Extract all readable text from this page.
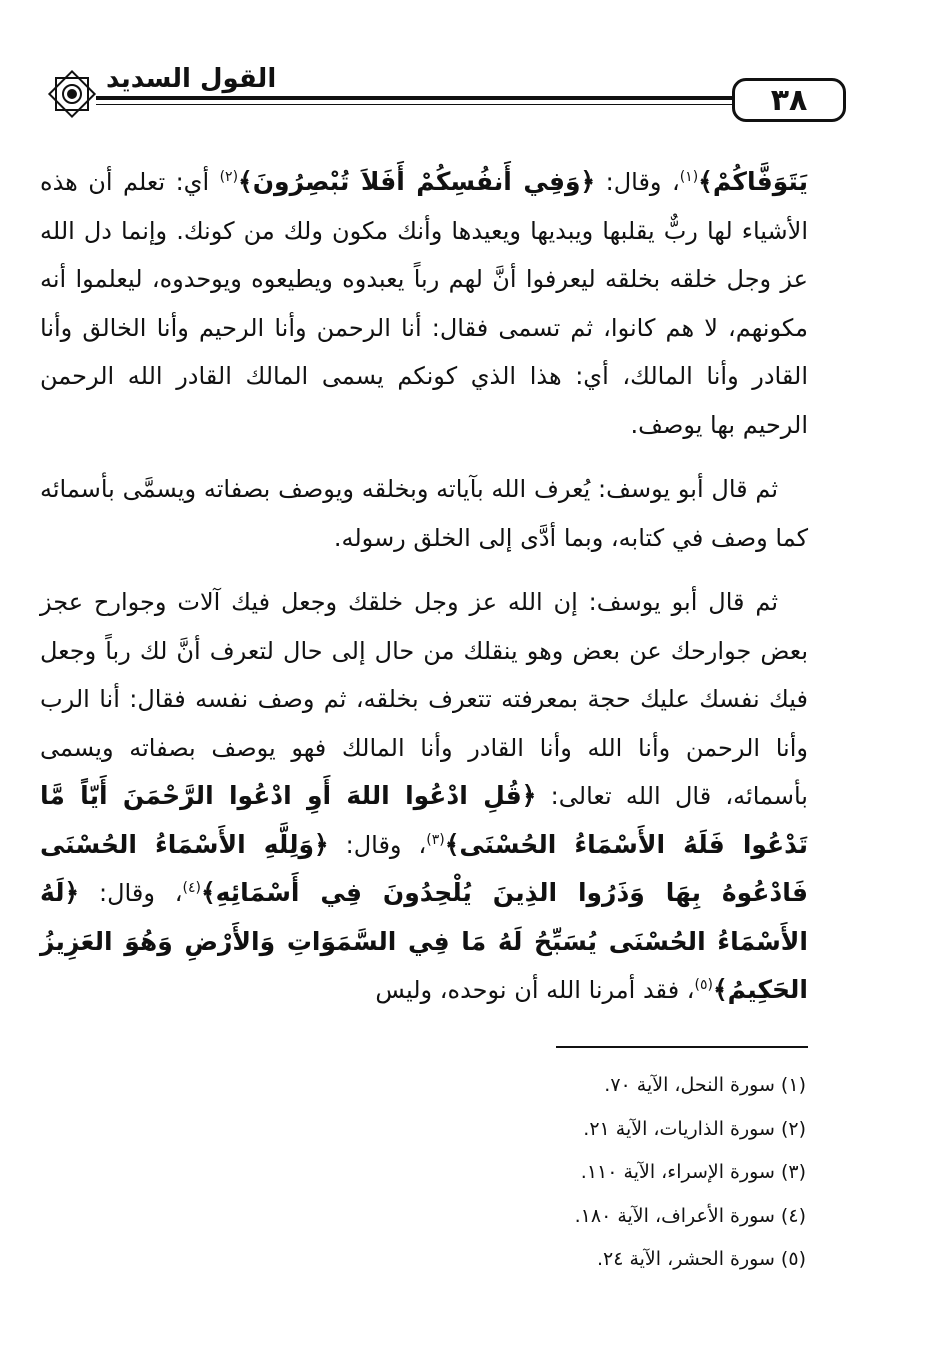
٣٨
القول السديد

يَتَوَفَّاكُمْ﴾$^{(١)}$، وقال: ﴿وَفِي أَنفُسِكُمْ أَفَلاَ تُبْصِرُونَ﴾$^{(٢)}$ أي: تعلم أن هذه الأشياء لها ربٌّ يقلبها ويبديها ويعيدها وأنك مكون ولك من كونك. وإنما دل الله عز وجل خلقه بخلقه ليعرفوا أنَّ لهم رباً يعبدوه ويطيعوه ويوحدوه، ليعلموا أنه مكونهم، لا هم كانوا، ثم تسمى فقال: أنا الرحمن وأنا الرحيم وأنا الخالق وأنا القادر وأنا المالك، أي: هذا الذي كونكم يسمى المالك القادر الله الرحمن الرحيم بها يوصف.

ثم قال أبو يوسف: يُعرف الله بآياته وبخلقه ويوصف بصفاته ويسمَّى بأسمائه كما وصف في كتابه، وبما أدَّى إلى الخلق رسوله.

ثم قال أبو يوسف: إن الله عز وجل خلقك وجعل فيك آلات وجوارح عجز بعض جوارحك عن بعض وهو ينقلك من حال إلى حال لتعرف أنَّ لك رباً وجعل فيك نفسك عليك حجة بمعرفته تتعرف بخلقه، ثم وصف نفسه فقال: أنا الرب وأنا الرحمن وأنا الله وأنا القادر وأنا المالك فهو يوصف بصفاته ويسمى بأسمائه، قال الله تعالى: ﴿قُلِ ادْعُوا اللهَ أَوِ ادْعُوا الرَّحْمَنَ أَيّاً مَّا تَدْعُوا فَلَهُ الأَسْمَاءُ الحُسْنَى﴾$^{(٣)}$، وقال: ﴿وَلِلَّهِ الأَسْمَاءُ الحُسْنَى فَادْعُوهُ بِهَا وَذَرُوا الذِينَ يُلْحِدُونَ فِي أَسْمَائِهِ﴾$^{(٤)}$، وقال: ﴿لَهُ الأَسْمَاءُ الحُسْنَى يُسَبِّحُ لَهُ مَا فِي السَّمَوَاتِ وَالأَرْضِ وَهُوَ العَزِيزُ الحَكِيمُ﴾$^{(٥)}$، فقد أمرنا الله أن نوحده، وليس

(١) سورة النحل، الآية ٧٠.
(٢) سورة الذاريات، الآية ٢١.
(٣) سورة الإسراء، الآية ١١٠.
(٤) سورة الأعراف، الآية ١٨٠.
(٥) سورة الحشر، الآية ٢٤.
